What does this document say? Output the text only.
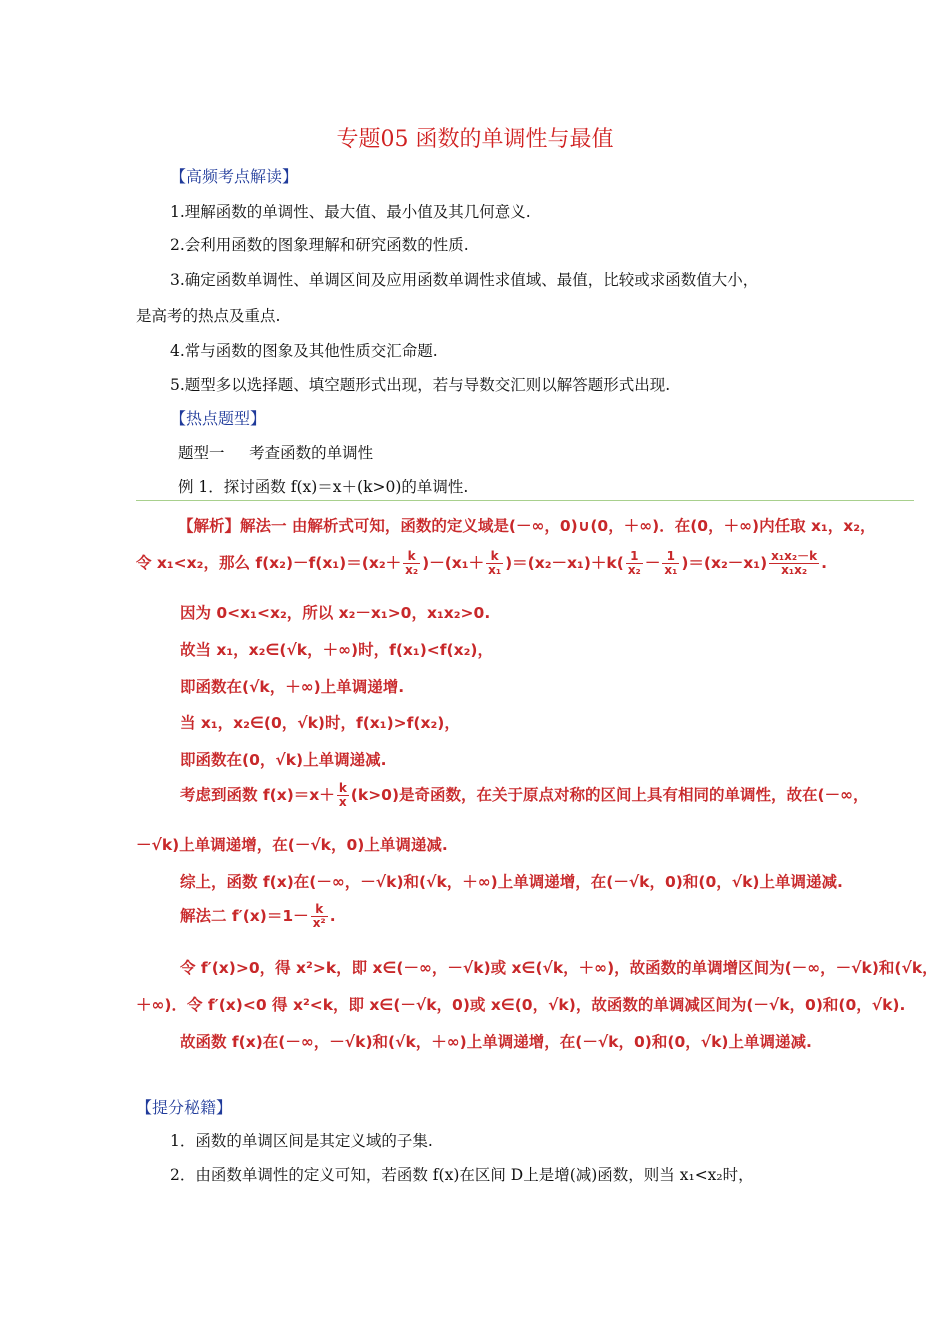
专题05 函数的单调性与最值
【高频考点解读】
1.理解函数的单调性、最大值、最小值及其几何意义.
2.会利用函数的图象理解和研究函数的性质.
3.确定函数单调性、单调区间及应用函数单调性求值域、最值，比较或求函数值大小，
是高考的热点及重点.
4.常与函数的图象及其他性质交汇命题.
5.题型多以选择题、填空题形式出现，若与导数交汇则以解答题形式出现.
【热点题型】
题型一     考查函数的单调性
例 1．探讨函数 f(x)＝x＋(k>0)的单调性.
【解析】解法一 由解析式可知，函数的定义域是(－∞，0)∪(0，＋∞)．在(0，＋∞)内任取 x₁，x₂，
令 x₁<x₂，那么 $f(x_2)-f(x_1)=(x_2+ \frac{k}{\text{x₂}} )-(x_1+ \frac{k}{\text{x₁}} )=(x_2-x_1)+k( \frac{1}{\text{x₂}} - \frac{1}{\text{x₁}} )=(x_2-x_1) \frac{\text{x₁x₂－k}}{\text{x₁x₂}}$ .
因为 0<x₁<x₂，所以 x₂－x₁>0，x₁x₂>0.
故当 x₁，x₂∈(√k，＋∞)时，f(x₁)<f(x₂)，
即函数在(√k，＋∞)上单调递增.
当 x₁，x₂∈(0，√k)时，f(x₁)>f(x₂)，
即函数在(0，√k)上单调递减.
考虑到函数 $f(x)=x+ \frac{k}{x} (k>0)$是奇函数，在关于原点对称的区间上具有相同的单调性，故在(－∞，
－√k)上单调递增，在(－√k，0)上单调递减.
综上，函数 f(x)在(－∞，－√k)和(√k，＋∞)上单调递增，在(－√k，0)和(0，√k)上单调递减.
解法二 $f'(x)=1- \frac{k}{\text{x²}}$ .
令 f′(x)>0，得 x²>k，即 x∈(－∞，－√k)或 x∈(√k，＋∞)，故函数的单调增区间为(－∞，－√k)和(√k，
＋∞)．令 f′(x)<0 得 x²<k，即 x∈(－√k，0)或 x∈(0，√k)，故函数的单调减区间为(－√k，0)和(0，√k).
故函数 f(x)在(－∞，－√k)和(√k，＋∞)上单调递增，在(－√k，0)和(0，√k)上单调递减.
【提分秘籍】
1．函数的单调区间是其定义域的子集.
2．由函数单调性的定义可知，若函数 f(x)在区间 D上是增(减)函数，则当 x₁<x₂时，
